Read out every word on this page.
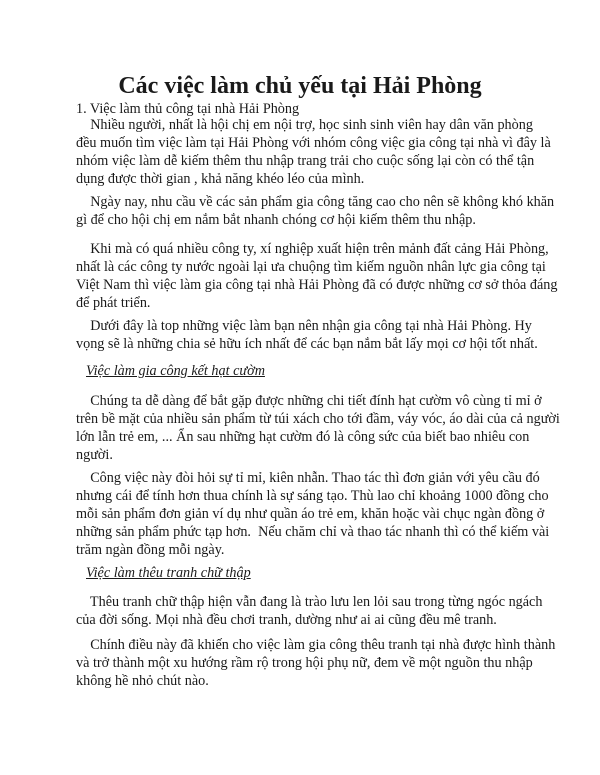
Các việc làm chủ yếu tại Hải Phòng

1. Việc làm thủ công tại nhà Hải Phòng

Nhiều người, nhất là hội chị em nội trợ, học sinh sinh viên hay dân văn phòng
đều muốn tìm việc làm tại Hải Phòng với nhóm công việc gia công tại nhà vì đây là
nhóm việc làm dễ kiếm thêm thu nhập trang trải cho cuộc sống lại còn có thể tận
dụng được thời gian , khả năng khéo léo của mình.

Ngày nay, nhu cầu về các sản phẩm gia công tăng cao cho nên sẽ không khó khăn
gì để cho hội chị em nắm bắt nhanh chóng cơ hội kiếm thêm thu nhập.

Khi mà có quá nhiều công ty, xí nghiệp xuất hiện trên mảnh đất cảng Hải Phòng,
nhất là các công ty nước ngoài lại ưa chuộng tìm kiếm nguồn nhân lực gia công tại
Việt Nam thì việc làm gia công tại nhà Hải Phòng đã có được những cơ sở thỏa đáng
để phát triển.

Dưới đây là top những việc làm bạn nên nhận gia công tại nhà Hải Phòng. Hy
vọng sẽ là những chia sẻ hữu ích nhất để các bạn nắm bắt lấy mọi cơ hội tốt nhất.

Việc làm gia công kết hạt cườm

Chúng ta dễ dàng để bắt gặp được những chi tiết đính hạt cườm vô cùng tỉ mỉ ở
trên bề mặt của nhiều sản phẩm từ túi xách cho tới đầm, váy vóc, áo dài của cả người
lớn lẫn trẻ em, ... Ẩn sau những hạt cườm đó là công sức của biết bao nhiêu con
người.

Công việc này đòi hỏi sự tỉ mỉ, kiên nhẫn. Thao tác thì đơn giản với yêu cầu đó
nhưng cái để tính hơn thua chính là sự sáng tạo. Thù lao chỉ khoảng 1000 đồng cho
mỗi sản phẩm đơn giản ví dụ như quần áo trẻ em, khăn hoặc vài chục ngàn đồng ở
những sản phẩm phức tạp hơn.  Nếu chăm chỉ và thao tác nhanh thì có thể kiếm vài
trăm ngàn đồng mỗi ngày.

Việc làm thêu tranh chữ thập

Thêu tranh chữ thập hiện vẫn đang là trào lưu len lỏi sau trong từng ngóc ngách
của đời sống. Mọi nhà đều chơi tranh, dường như ai ai cũng đều mê tranh.

Chính điều này đã khiến cho việc làm gia công thêu tranh tại nhà được hình thành
và trở thành một xu hướng rầm rộ trong hội phụ nữ, đem về một nguồn thu nhập
không hề nhỏ chút nào.
